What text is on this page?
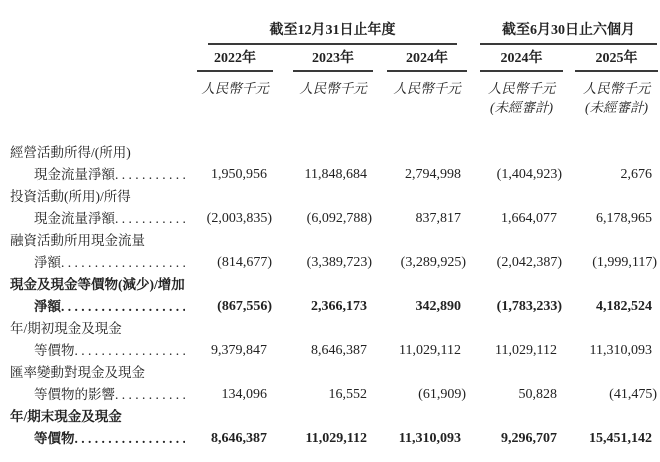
截至12月31日止年度	截至6月30日止六個月
2022年	2023年	2024年	2024年	2025年
人民幣千元	人民幣千元	人民幣千元	人民幣千元	人民幣千元
(未經審計)	(未經審計)
經營活動所得/(所用)
現金流量淨額 . . .	1,950,956	11,848,684	2,794,998	(1,404,923)	2,676
投資活動(所用)/所得
現金流量淨額 . . .	(2,003,835)	(6,092,788)	837,817	1,664,077	6,178,965
融資活動所用現金流量
淨額 . . .	(814,677)	(3,389,723)	(3,289,925)	(2,042,387)	(1,999,117)
現金及現金等價物(減少)/增加
淨額 . . .	(867,556)	2,366,173	342,890	(1,783,233)	4,182,524
年/期初現金及現金
等價物 . . .	9,379,847	8,646,387	11,029,112	11,029,112	11,310,093
匯率變動對現金及現金
等價物的影響 . . .	134,096	16,552	(61,909)	50,828	(41,475)
年/期末現金及現金
等價物 . . .	8,646,387	11,029,112	11,310,093	9,296,707	15,451,142
